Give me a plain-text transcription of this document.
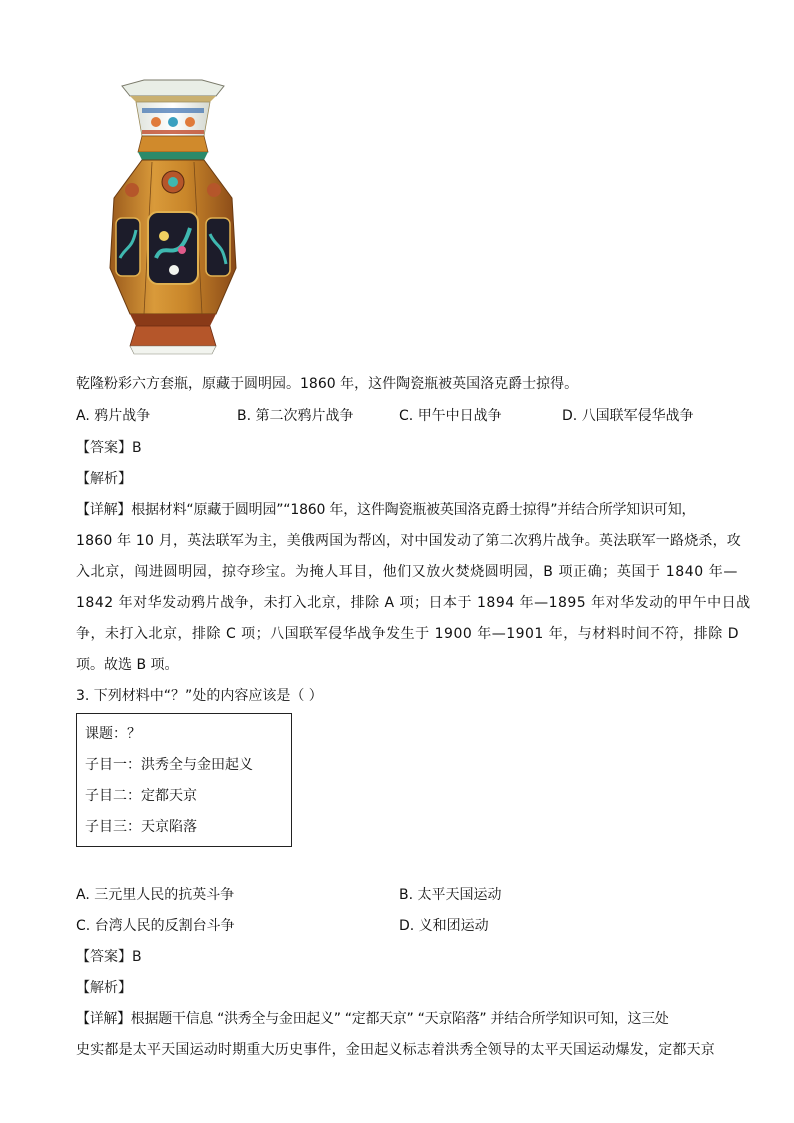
乾隆粉彩六方套瓶，原藏于圆明园。1860 年，这件陶瓷瓶被英国洛克爵士掠得。
A. 鸦片战争	B. 第二次鸦片战争	C. 甲午中日战争	D. 八国联军侵华战争
【答案】B
【解析】
【详解】根据材料“原藏于圆明园”“1860 年，这件陶瓷瓶被英国洛克爵士掠得”并结合所学知识可知，
1860 年 10 月，英法联军为主，美俄两国为帮凶，对中国发动了第二次鸦片战争。英法联军一路烧杀，攻
入北京，闯进圆明园，掠夺珍宝。为掩人耳目，他们又放火焚烧圆明园，B 项正确；英国于 1840 年—
1842 年对华发动鸦片战争，未打入北京，排除 A 项；日本于 1894 年—1895 年对华发动的甲午中日战
争，未打入北京，排除 C 项；八国联军侵华战争发生于 1900 年—1901 年，与材料时间不符，排除 D
项。故选 B 项。
3. 下列材料中“？”处的内容应该是（ ）
课题：？
子目一：洪秀全与金田起义
子目二：定都天京
子目三：天京陷落
A. 三元里人民的抗英斗争	B. 太平天国运动
C. 台湾人民的反割台斗争	D. 义和团运动
【答案】B
【解析】
【详解】根据题干信息 “洪秀全与金田起义” “定都天京” “天京陷落” 并结合所学知识可知，这三处
史实都是太平天国运动时期重大历史事件，金田起义标志着洪秀全领导的太平天国运动爆发，定都天京
